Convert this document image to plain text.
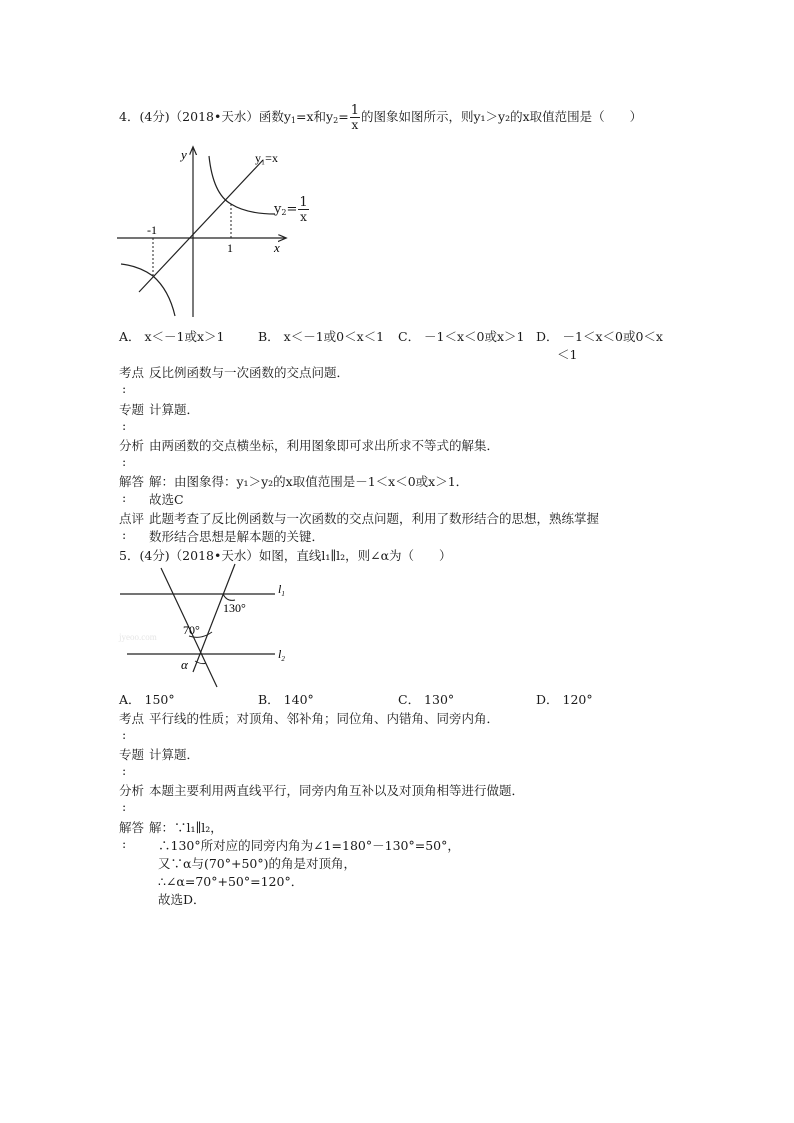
4．(4分)（2018•天水）函数$y_1=x$和$y_2= \frac{1}{x}$ 的图象如图所示，则y₁＞y₂的x取值范围是（　　）
y
x
-1
1
y₁=x
$y_2= \frac{1}{x}$
A． x＜－1或x＞1	B． x＜－1或0＜x＜1 C． －1＜x＜0或x＞1 D． －1＜x＜0或0＜x
＜1
考点 反比例函数与一次函数的交点问题．
:
专题 计算题．
:
分析 由两函数的交点横坐标，利用图象即可求出所求不等式的解集．
:
解答 解：由图象得：y₁＞y₂的x取值范围是－1＜x＜0或x＞1．
: 故选C
点评 此题考查了反比例函数与一次函数的交点问题，利用了数形结合的思想，熟练掌握
: 数形结合思想是解本题的关键．
5．(4分)（2018•天水）如图，直线l₁∥l₂，则∠α为（　　）
jyeoo.com
130°
70°
α
$l_1$
$l_2$
A． 150°	B． 140°	C． 130°	D． 120°
考点 平行线的性质；对顶角、邻补角；同位角、内错角、同旁内角．
:
专题 计算题．
:
分析 本题主要利用两直线平行，同旁内角互补以及对顶角相等进行做题．
:
解答 解：∵l₁∥l₂，
:	∴130°所对应的同旁内角为∠1=180°－130°=50°，
又∵α与(70°+50°)的角是对顶角，
∴∠α=70°+50°=120°．
故选D．
